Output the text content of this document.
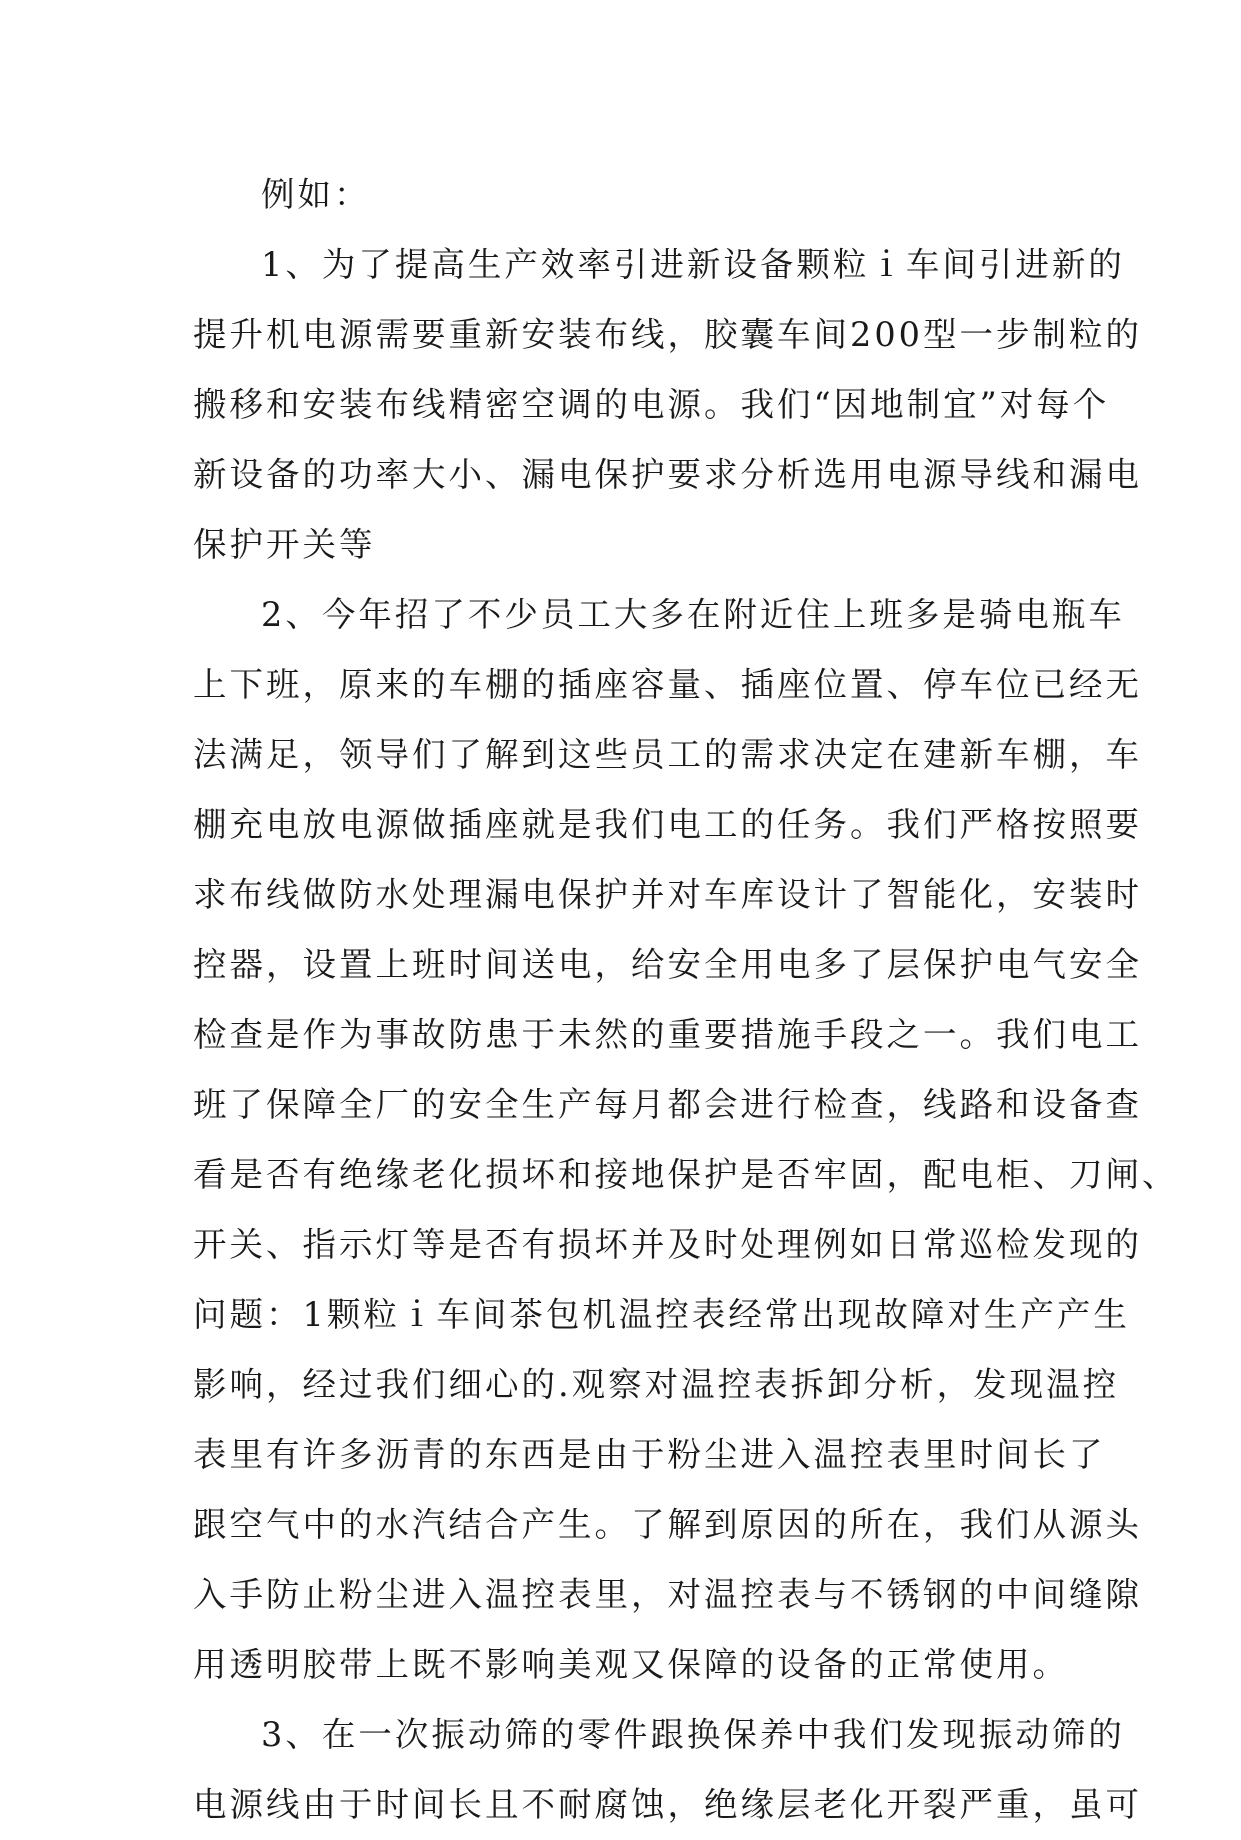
例如：
1、为了提高生产效率引进新设备颗粒ｉ车间引进新的
提升机电源需要重新安装布线，胶囊车间200型一步制粒的
搬移和安装布线精密空调的电源。我们“因地制宜”对每个
新设备的功率大小、漏电保护要求分析选用电源导线和漏电
保护开关等
2、今年招了不少员工大多在附近住上班多是骑电瓶车
上下班，原来的车棚的插座容量、插座位置、停车位已经无
法满足，领导们了解到这些员工的需求决定在建新车棚，车
棚充电放电源做插座就是我们电工的任务。我们严格按照要
求布线做防水处理漏电保护并对车库设计了智能化，安装时
控器，设置上班时间送电，给安全用电多了层保护电气安全
检查是作为事故防患于未然的重要措施手段之一。我们电工
班了保障全厂的安全生产每月都会进行检查，线路和设备查
看是否有绝缘老化损坏和接地保护是否牢固，配电柜、刀闸、
开关、指示灯等是否有损坏并及时处理例如日常巡检发现的
问题：1颗粒ｉ车间茶包机温控表经常出现故障对生产产生
影响，经过我们细心的.观察对温控表拆卸分析，发现温控
表里有许多沥青的东西是由于粉尘进入温控表里时间长了
跟空气中的水汽结合产生。了解到原因的所在，我们从源头
入手防止粉尘进入温控表里，对温控表与不锈钢的中间缝隙
用透明胶带上既不影响美观又保障的设备的正常使用。
3、在一次振动筛的零件跟换保养中我们发现振动筛的
电源线由于时间长且不耐腐蚀，绝缘层老化开裂严重，虽可
